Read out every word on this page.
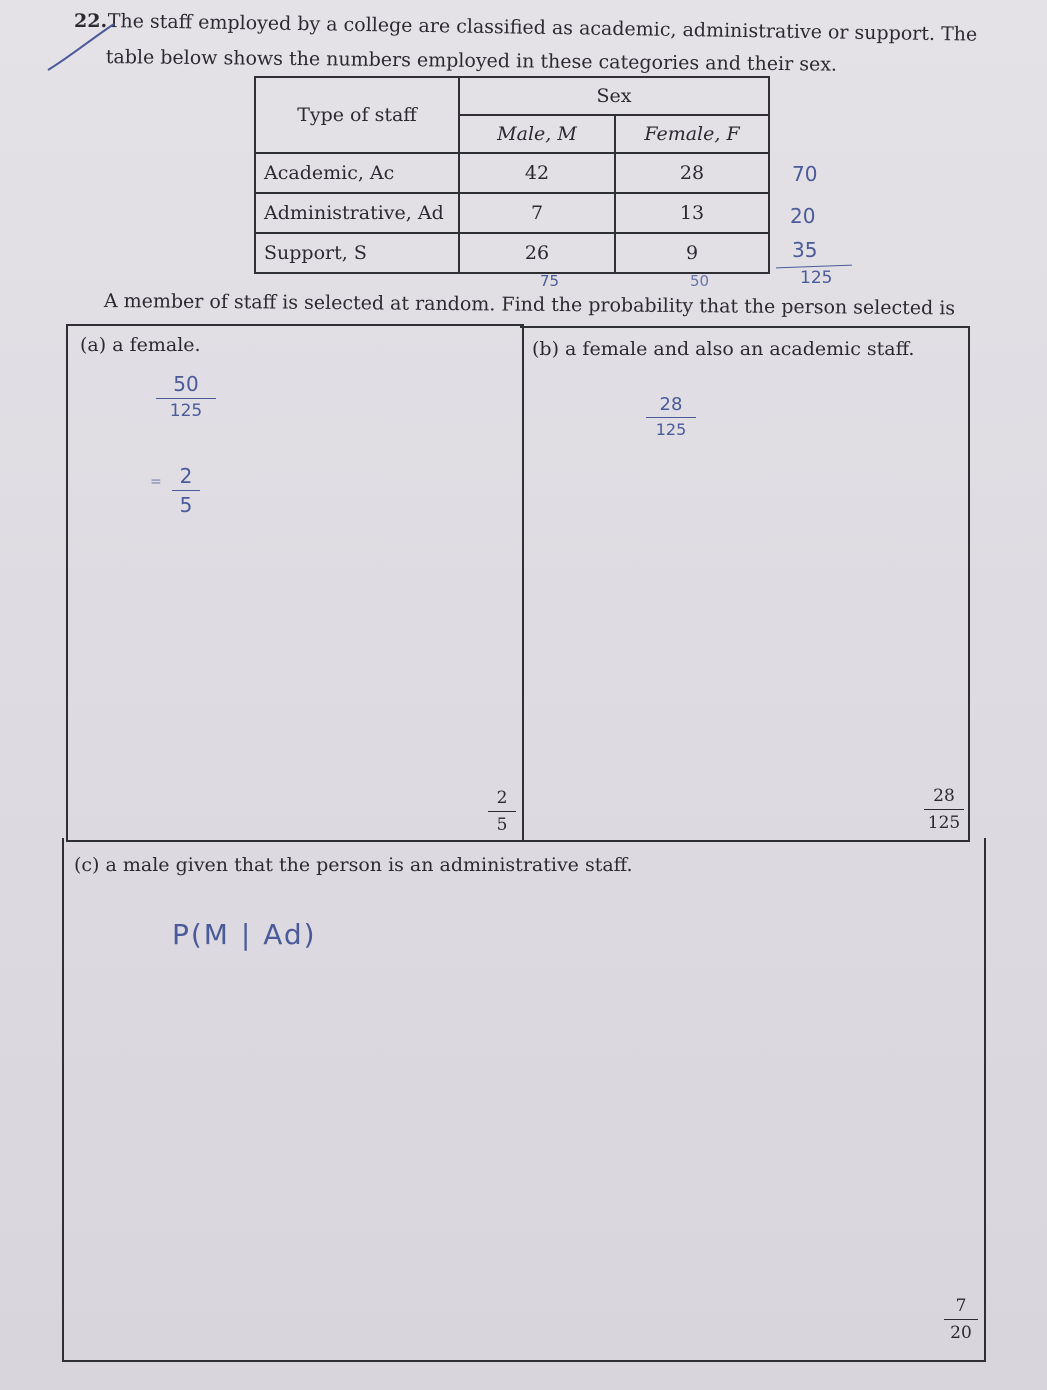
22. The staff employed by a college are classified as academic, administrative or support. The
table below shows the numbers employed in these categories and their sex.
Type of staff	Sex	
	Male, M	Female, F
Academic, Ac	42	28
Administrative, Ad	7	13
Support, S	26	9
70
20
35
125
75	50
A member of staff is selected at random. Find the probability that the person selected is
(a) a female.	(b) a female and also an academic staff.
(c) a male given that the person is an administrative staff.
50
125
= 2
5
28
125
P(M | Ad)
2
5
28
125
7
20
